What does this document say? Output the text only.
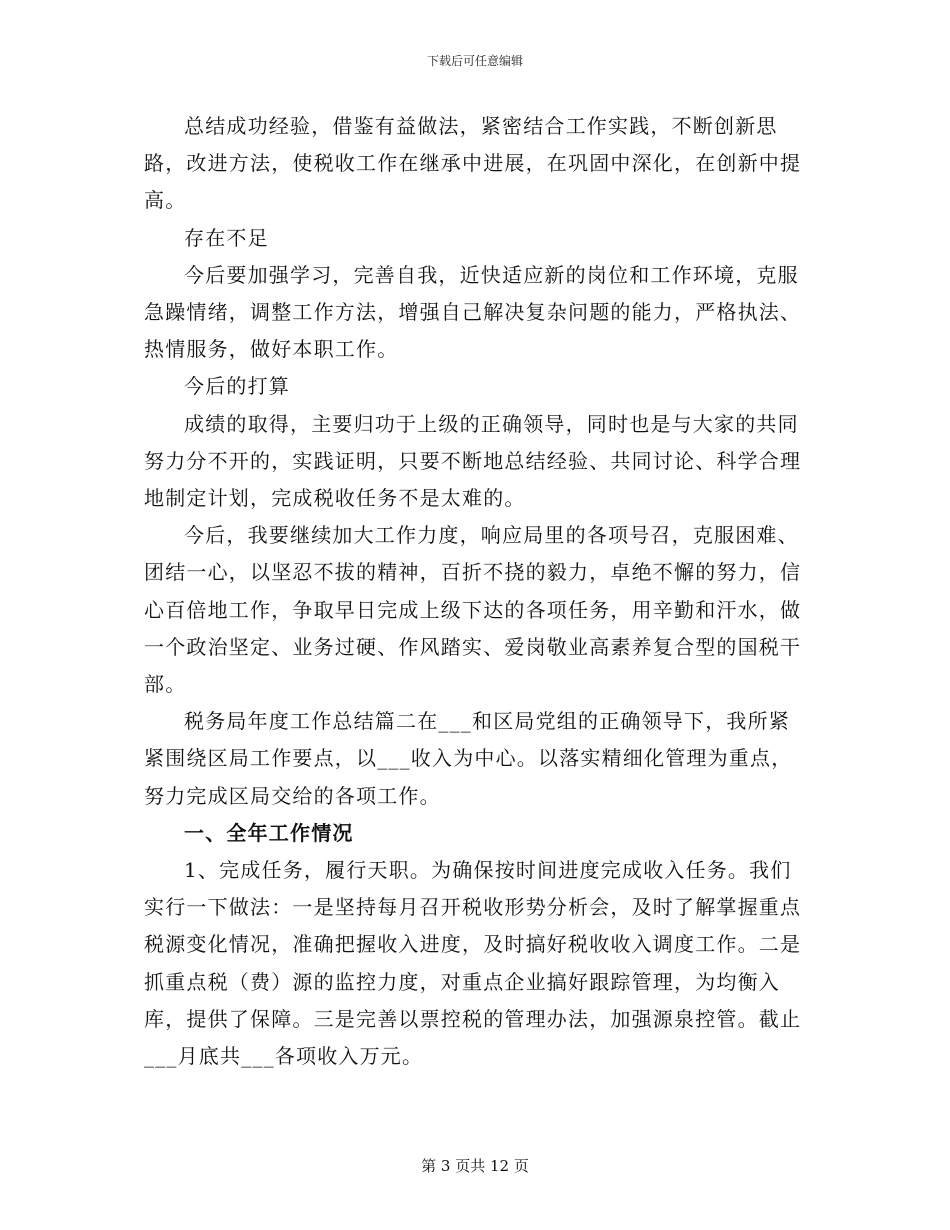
下载后可任意编辑

总结成功经验，借鉴有益做法，紧密结合工作实践，不断创新思路，改进方法，使税收工作在继承中进展，在巩固中深化，在创新中提高。

存在不足

今后要加强学习，完善自我，近快适应新的岗位和工作环境，克服急躁情绪，调整工作方法，增强自己解决复杂问题的能力，严格执法、热情服务，做好本职工作。

今后的打算

成绩的取得，主要归功于上级的正确领导，同时也是与大家的共同努力分不开的，实践证明，只要不断地总结经验、共同讨论、科学合理地制定计划，完成税收任务不是太难的。

今后，我要继续加大工作力度，响应局里的各项号召，克服困难、团结一心，以坚忍不拔的精神，百折不挠的毅力，卓绝不懈的努力，信心百倍地工作，争取早日完成上级下达的各项任务，用辛勤和汗水，做一个政治坚定、业务过硬、作风踏实、爱岗敬业高素养复合型的国税干部。

税务局年度工作总结篇二在___和区局党组的正确领导下，我所紧紧围绕区局工作要点，以___收入为中心。以落实精细化管理为重点，努力完成区局交给的各项工作。

一、全年工作情况

1、完成任务，履行天职。为确保按时间进度完成收入任务。我们实行一下做法：一是坚持每月召开税收形势分析会，及时了解掌握重点税源变化情况，准确把握收入进度，及时搞好税收收入调度工作。二是抓重点税（费）源的监控力度，对重点企业搞好跟踪管理，为均衡入库，提供了保障。三是完善以票控税的管理办法，加强源泉控管。截止___月底共___各项收入万元。

第 3 页共 12 页
